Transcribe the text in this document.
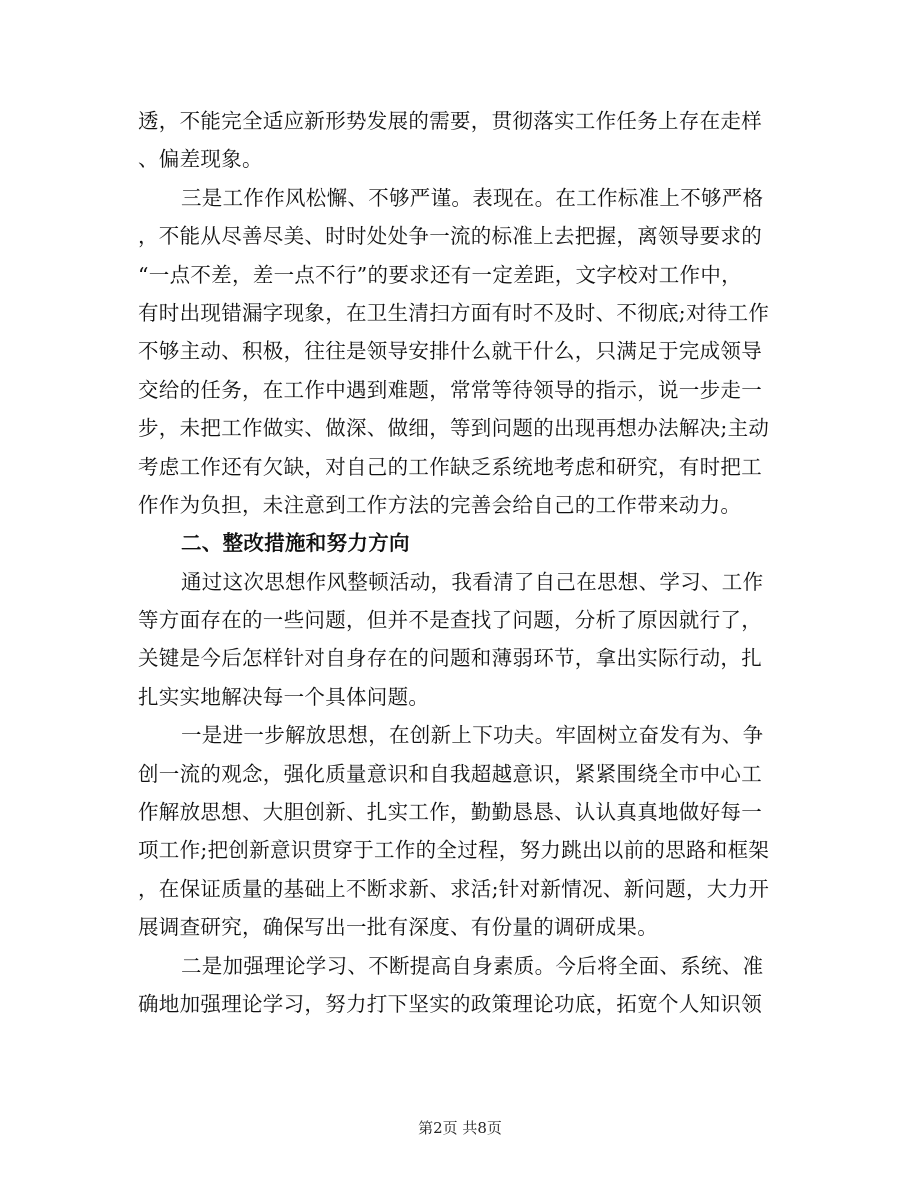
透，不能完全适应新形势发展的需要，贯彻落实工作任务上存在走样
、偏差现象。
三是工作作风松懈、不够严谨。表现在。在工作标准上不够严格
，不能从尽善尽美、时时处处争一流的标准上去把握，离领导要求的
“一点不差，差一点不行”的要求还有一定差距，文字校对工作中，
有时出现错漏字现象，在卫生清扫方面有时不及时、不彻底;对待工作
不够主动、积极，往往是领导安排什么就干什么，只满足于完成领导
交给的任务，在工作中遇到难题，常常等待领导的指示，说一步走一
步，未把工作做实、做深、做细，等到问题的出现再想办法解决;主动
考虑工作还有欠缺，对自己的工作缺乏系统地考虑和研究，有时把工
作作为负担，未注意到工作方法的完善会给自己的工作带来动力。
二、整改措施和努力方向
通过这次思想作风整顿活动，我看清了自己在思想、学习、工作
等方面存在的一些问题，但并不是查找了问题，分析了原因就行了，
关键是今后怎样针对自身存在的问题和薄弱环节，拿出实际行动，扎
扎实实地解决每一个具体问题。
一是进一步解放思想，在创新上下功夫。牢固树立奋发有为、争
创一流的观念，强化质量意识和自我超越意识，紧紧围绕全市中心工
作解放思想、大胆创新、扎实工作，勤勤恳恳、认认真真地做好每一
项工作;把创新意识贯穿于工作的全过程，努力跳出以前的思路和框架
，在保证质量的基础上不断求新、求活;针对新情况、新问题，大力开
展调查研究，确保写出一批有深度、有份量的调研成果。
二是加强理论学习、不断提高自身素质。今后将全面、系统、准
确地加强理论学习，努力打下坚实的政策理论功底，拓宽个人知识领
第2页 共8页
